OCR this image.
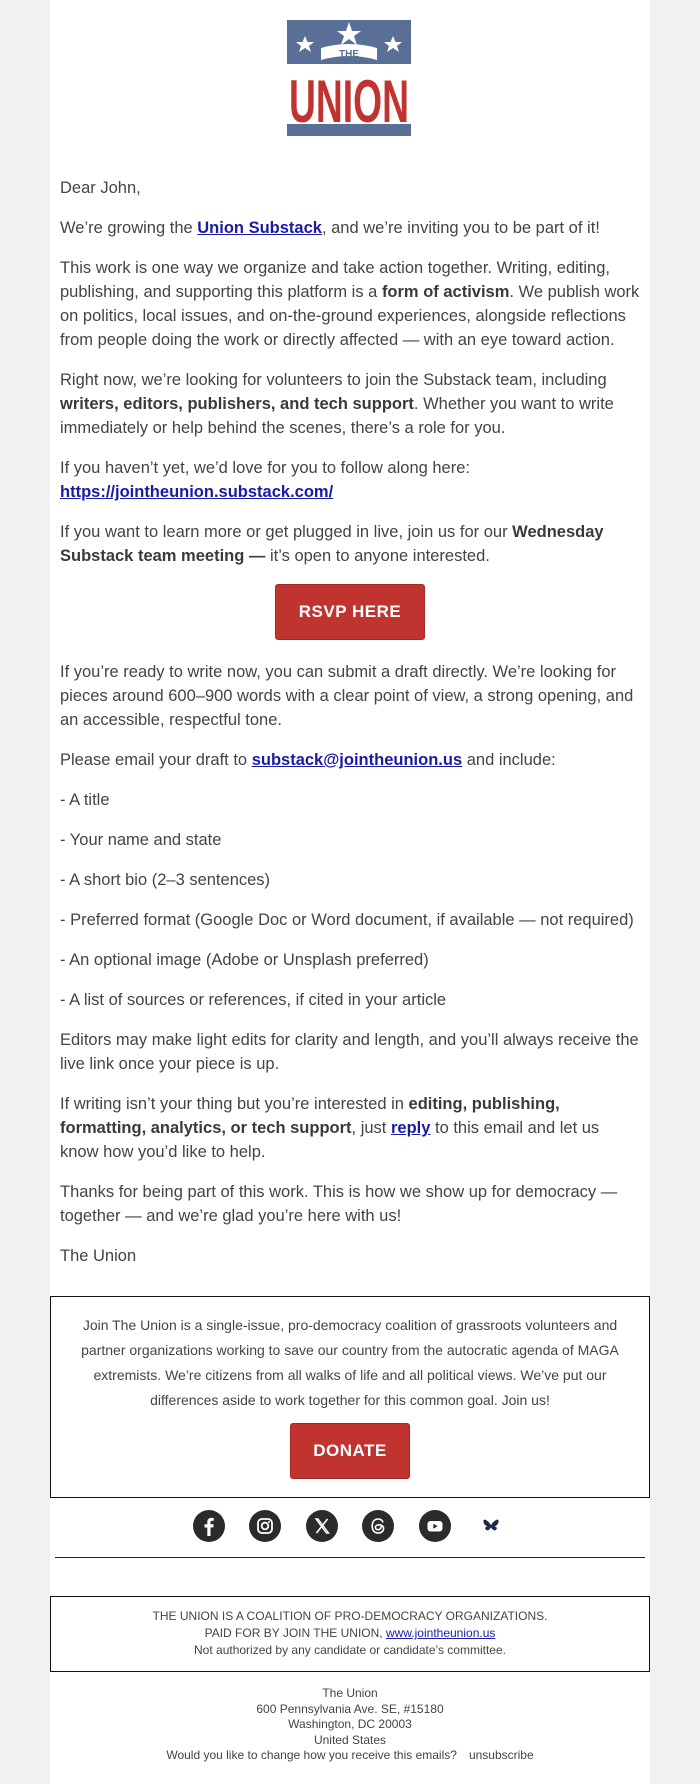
THE
UNION

Dear John,

We’re growing the Union Substack, and we’re inviting you to be part of it!

This work is one way we organize and take action together. Writing, editing, publishing, and supporting this platform is a form of activism. We publish work on politics, local issues, and on-the-ground experiences, alongside reflections from people doing the work or directly affected — with an eye toward action.

Right now, we’re looking for volunteers to join the Substack team, including writers, editors, publishers, and tech support. Whether you want to write immediately or help behind the scenes, there’s a role for you.

If you haven’t yet, we’d love for you to follow along here:
https://jointheunion.substack.com/

If you want to learn more or get plugged in live, join us for our Wednesday Substack team meeting — it’s open to anyone interested.

RSVP HERE

If you’re ready to write now, you can submit a draft directly. We’re looking for pieces around 600–900 words with a clear point of view, a strong opening, and an accessible, respectful tone.

Please email your draft to substack@jointheunion.us and include:

- A title

- Your name and state

- A short bio (2–3 sentences)

- Preferred format (Google Doc or Word document, if available — not required)

- An optional image (Adobe or Unsplash preferred)

- A list of sources or references, if cited in your article

Editors may make light edits for clarity and length, and you’ll always receive the live link once your piece is up.

If writing isn’t your thing but you’re interested in editing, publishing, formatting, analytics, or tech support, just reply to this email and let us know how you’d like to help.

Thanks for being part of this work. This is how we show up for democracy — together — and we’re glad you’re here with us!

The Union

Join The Union is a single-issue, pro-democracy coalition of grassroots volunteers and partner organizations working to save our country from the autocratic agenda of MAGA extremists. We’re citizens from all walks of life and all political views. We’ve put our differences aside to work together for this common goal. Join us!
DONATE

THE UNION IS A COALITION OF PRO-DEMOCRACY ORGANIZATIONS.
PAID FOR BY JOIN THE UNION, www.jointheunion.us
Not authorized by any candidate or candidate’s committee.
The Union
600 Pennsylvania Ave. SE, #15180
Washington, DC 20003
United States
Would you like to change how you receive this emails? unsubscribe
